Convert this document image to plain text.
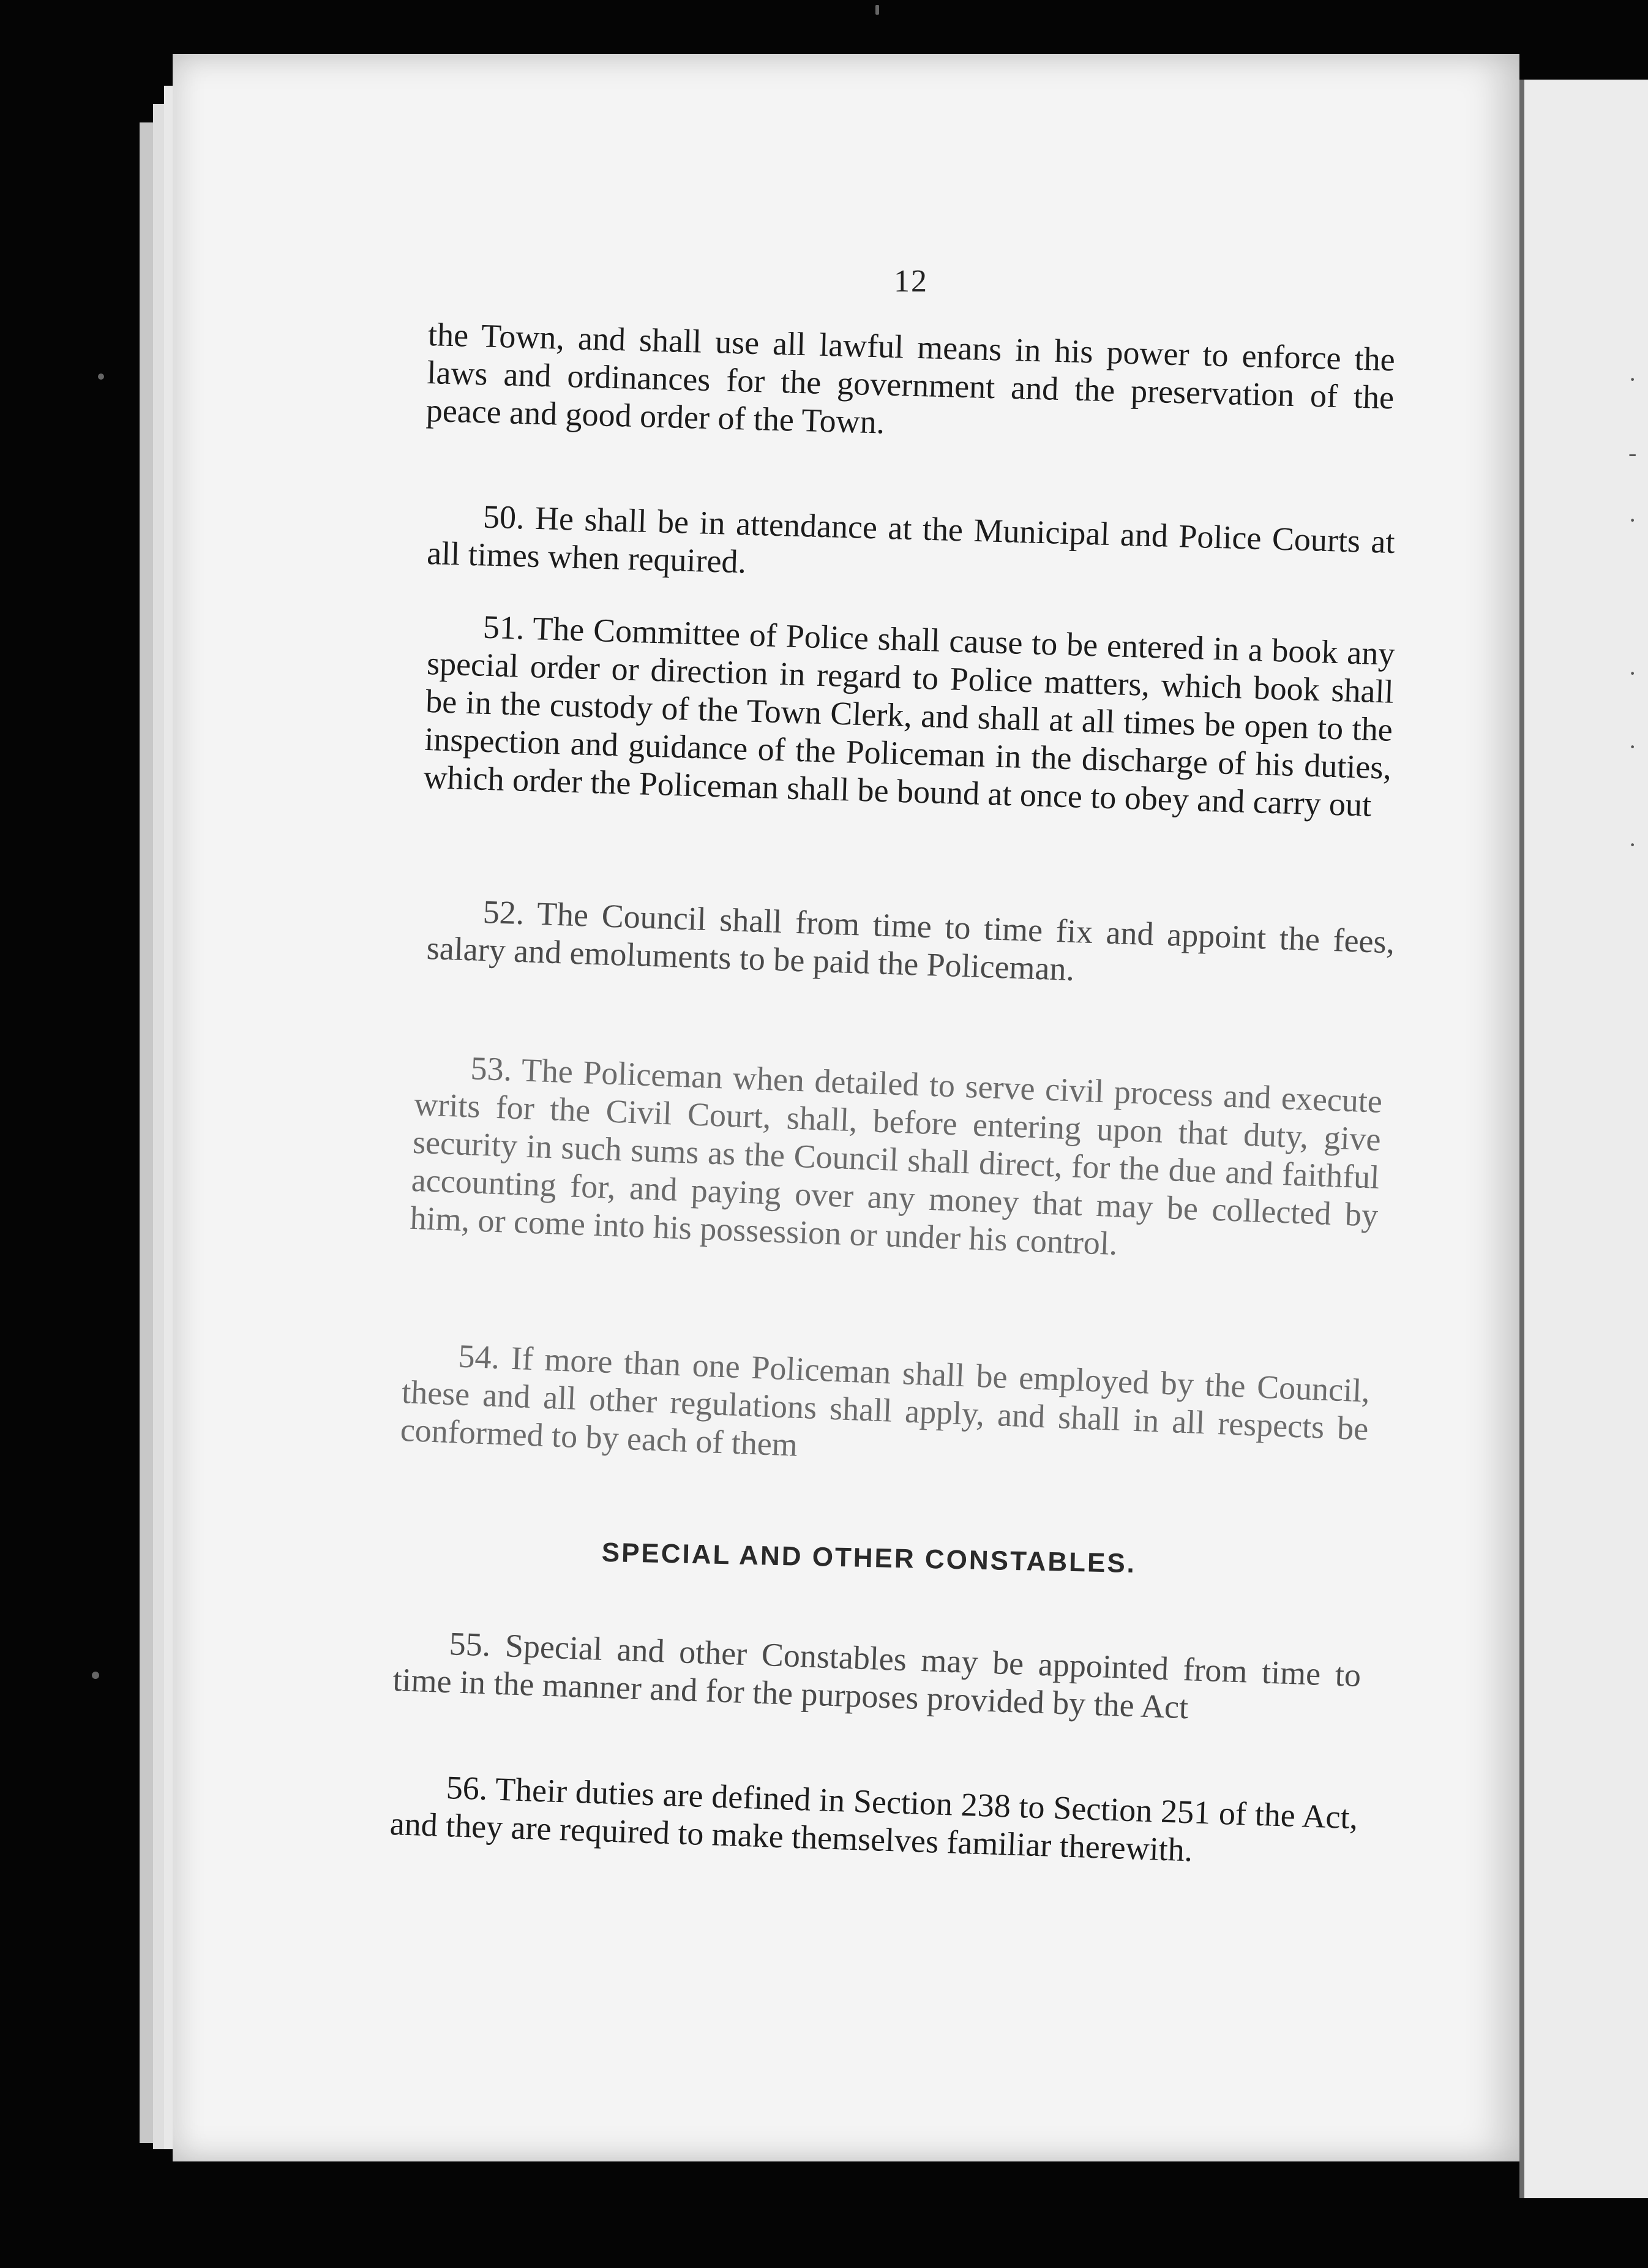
·
-
·
·
·
·
12

the Town, and shall use all lawful means in his power to enforce the laws and ordinances for the government and the preservation of the peace and good order of the Town.

50. He shall be in attendance at the Municipal and Police Courts at all times when required.

51. The Committee of Police shall cause to be entered in a book any special order or direction in regard to Police matters, which book shall be in the custody of the Town Clerk, and shall at all times be open to the inspection and guidance of the Policeman in the discharge of his duties, which order the Policeman shall be bound at once to obey and carry out

52. The Council shall from time to time fix and appoint the fees, salary and emoluments to be paid the Policeman.

53. The Policeman when detailed to serve civil process and execute writs for the Civil Court, shall, before entering upon that duty, give security in such sums as the Council shall direct, for the due and faithful accounting for, and paying over any money that may be collected by him, or come into his possession or under his control.

54. If more than one Policeman shall be employed by the Council, these and all other regulations shall apply, and shall in all respects be conformed to by each of them

SPECIAL AND OTHER CONSTABLES.

55. Special and other Constables may be appointed from time to time in the manner and for the purposes provided by the Act

56. Their duties are defined in Section 238 to Section 251 of the Act, and they are required to make themselves familiar therewith.
